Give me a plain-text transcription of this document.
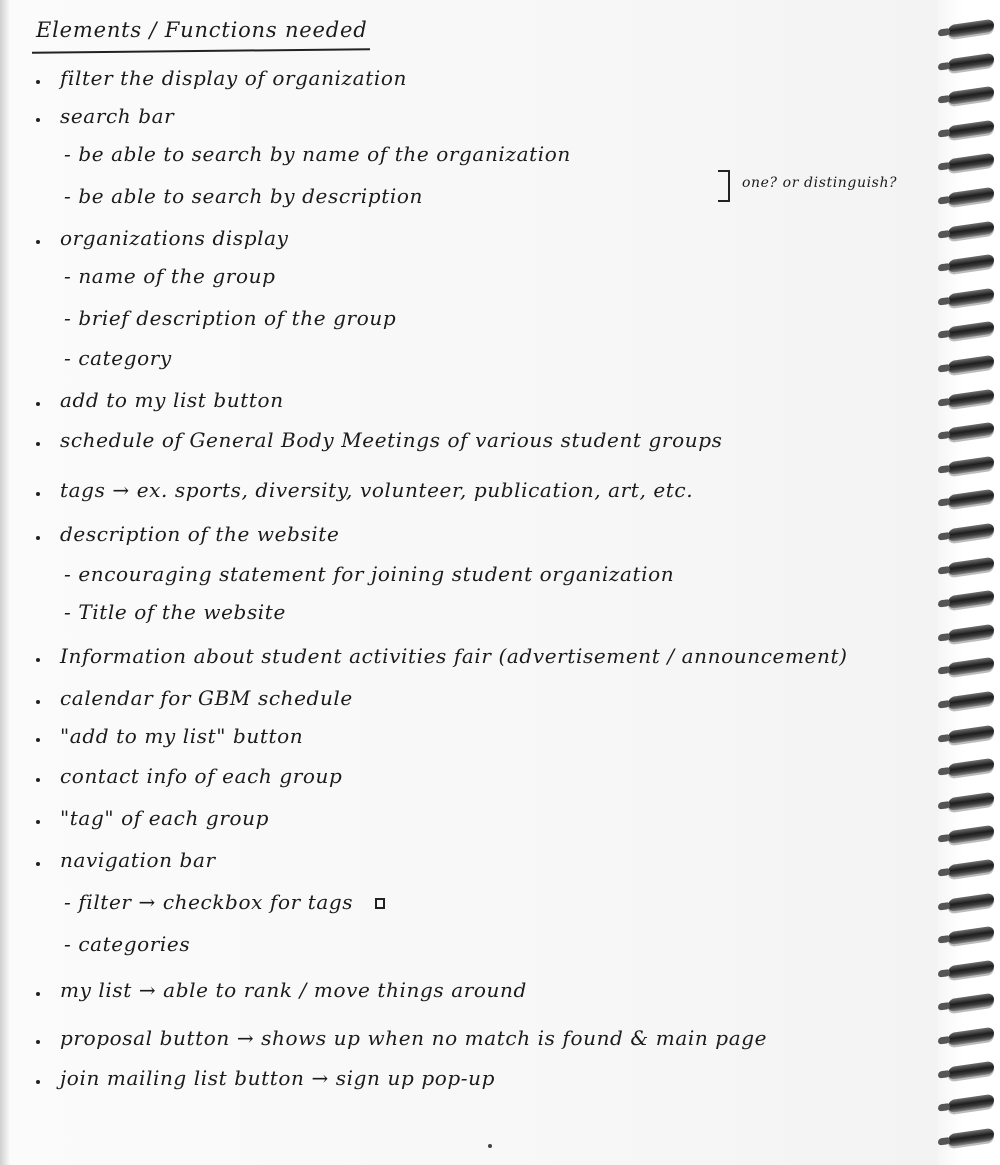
Elements / Functions needed
filter the display of organization
search bar
- be able to search by name of the organization
- be able to search by description
organizations display
- name of the group
- brief description of the group
- category
add to my list button
schedule of General Body Meetings of various student groups
tags → ex. sports, diversity, volunteer, publication, art, etc.
description of the website
- encouraging statement for joining student organization
- Title of the website
Information about student activities fair (advertisement / announcement)
calendar for GBM schedule
"add to my list" button
contact info of each group
"tag" of each group
navigation bar
- filter → checkbox for tags
- categories
my list → able to rank / move things around
proposal button → shows up when no match is found & main page
join mailing list button → sign up pop-up
one? or distinguish?
